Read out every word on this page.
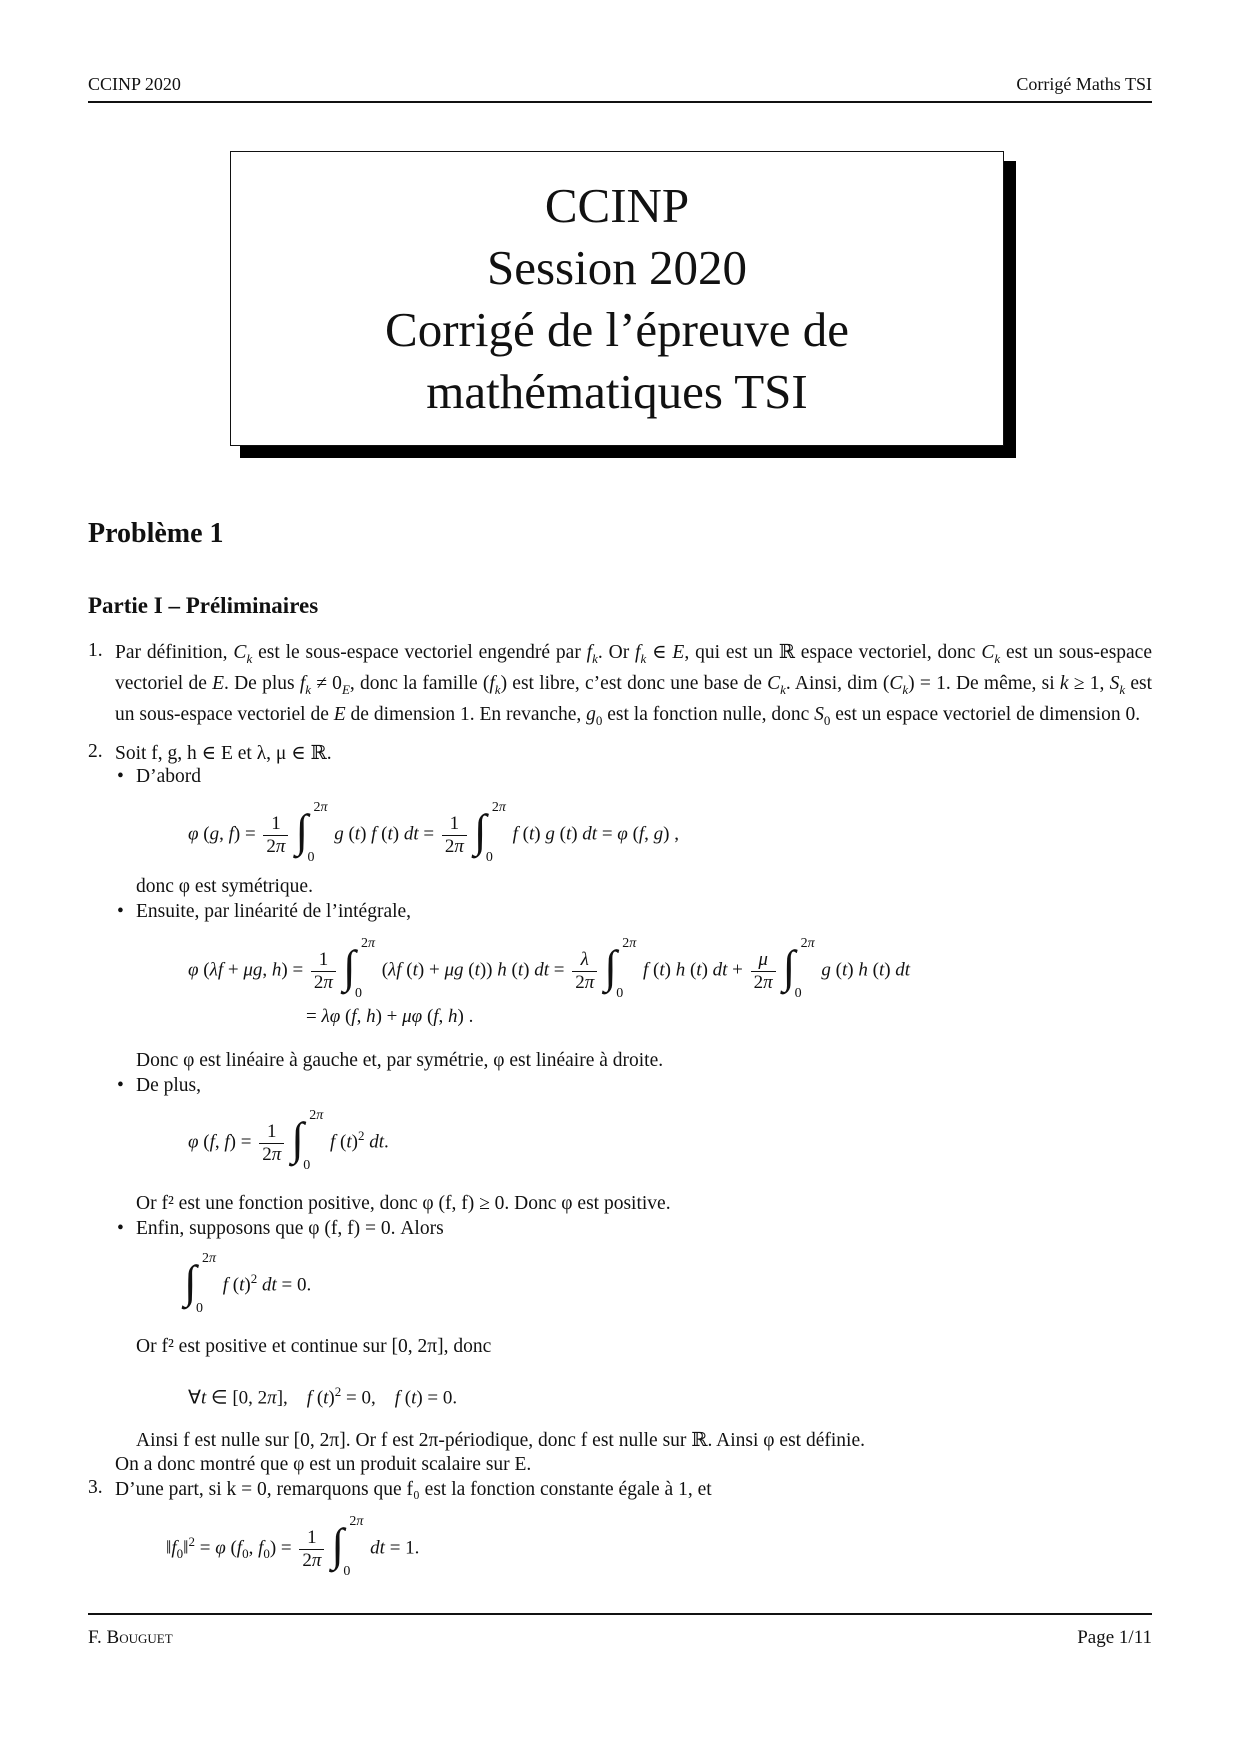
CCINP 2020	Corrigé Maths TSI
CCINP
Session 2020
Corrigé de l’épreuve de
mathématiques TSI
Problème 1
Partie I – Préliminaires
1. Par définition, $C_k$ est le sous-espace vectoriel engendré par $f_k$. Or $f_k$ ∈ E, qui est un ℝ espace vectoriel, donc $C_k$ est un sous-espace vectoriel de E. De plus $f_k \ne 0_E$, donc la famille $(f_k)$ est libre, c’est donc une base de $C_k$. Ainsi, dim $(C_k) = 1$. De même, si k ≥ 1, $S_k$ est un sous-espace vectoriel de E de dimension 1. En revanche, $g_0$ est la fonction nulle, donc $S_0$ est un espace vectoriel de dimension 0.
2. Soit f, g, h ∈ E et λ, μ ∈ ℝ.
• D’abord
φ (g, $f) = \frac{1}{2\pi}$ ∫ 2π
0
g (t) f (t) dt = $\frac{1}{2\pi}$ ∫ 2π
0
f (t) g (t) dt = φ (f, g) ,
donc φ est symétrique.
• Ensuite, par linéarité de l’intégrale,
φ (λf + μg, $h) = \frac{1}{2\pi}$ ∫ 2π
0
(λf (t) + μg (t)) h (t) dt = $\frac{\lambda}{2\pi}$ ∫ 2π
0
f (t) h (t) dt + $\frac{\mu}{2\pi}$ ∫ 2π
0
g (t) h (t) dt
= λφ (f, h) + μφ (f, h) .
Donc φ est linéaire à gauche et, par symétrie, φ est linéaire à droite.
• De plus,
φ (f, $f) = \frac{1}{2\pi}$ ∫ 2π
0
f $(t)^2$ dt.
Or f² est une fonction positive, donc φ (f, f) ≥ 0. Donc φ est positive.
• Enfin, supposons que φ (f, f) = 0. Alors
∫ 2π
0
f $(t)^2$ dt = 0.
Or f² est positive et continue sur [0, 2π], donc
∀t ∈ [0, 2π],    f $(t)^2 = 0$,    f (t) = 0.
Ainsi f est nulle sur [0, 2π]. Or f est 2π-périodique, donc f est nulle sur ℝ. Ainsi φ est définie.
On a donc montré que φ est un produit scalaire sur E.
3. D’une part, si k = 0, remarquons que f₀ est la fonction constante égale à 1, et
$‖f_0‖^2 = \varphi$ ($f_0$, $f_0) = \frac{1}{2\pi}$ ∫ 2π
0
dt = 1.
F. Bouguet	Page 1/11
